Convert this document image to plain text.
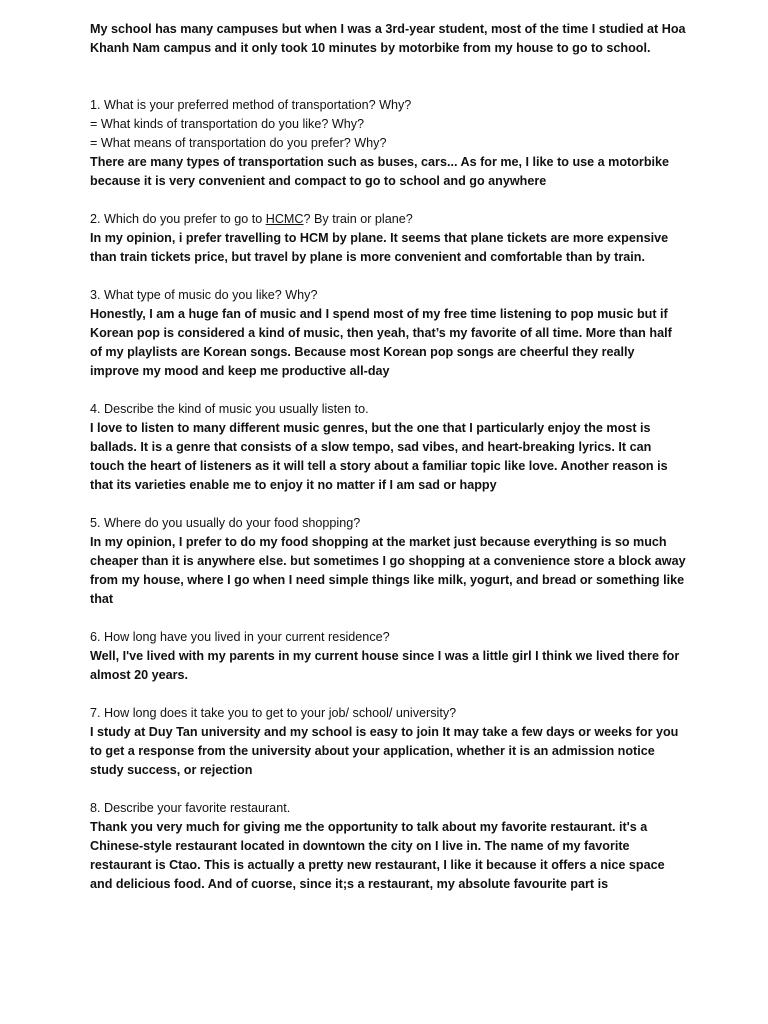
My school has many campuses but when I was a 3rd-year student, most of the time I studied at Hoa Khanh Nam campus and it only took 10 minutes by motorbike from my house to go to school.

1. What is your preferred method of transportation? Why?

= What kinds of transportation do you like? Why?

= What means of transportation do you prefer? Why?

There are many types of transportation such as buses, cars... As for me, I like to use a motorbike because it is very convenient and compact to go to school and go anywhere

2. Which do you prefer to go to HCMC? By train or plane?

In my opinion, i prefer travelling to HCM by plane. It seems that plane tickets are more expensive than train tickets price, but travel by plane is more convenient and comfortable than by train.

3. What type of music do you like? Why?

Honestly, I am a huge fan of music and I spend most of my free time listening to pop music but if Korean pop is considered a kind of music, then yeah, that’s my favorite of all time. More than half of my playlists are Korean songs. Because most Korean pop songs are cheerful they really improve my mood and keep me productive all-day

4. Describe the kind of music you usually listen to.

I love to listen to many different music genres, but the one that I particularly enjoy the most is ballads. It is a genre that consists of a slow tempo, sad vibes, and heart-breaking lyrics. It can touch the heart of listeners as it will tell a story about a familiar topic like love. Another reason is that its varieties enable me to enjoy it no matter if I am sad or happy

5. Where do you usually do your food shopping?

In my opinion, I prefer to do my food shopping at the market just because everything is so much cheaper than it is anywhere else. but sometimes I go shopping at a convenience store a block away from my house, where I go when I need simple things like milk, yogurt, and bread or something like that

6. How long have you lived in your current residence?

Well, I've lived with my parents in my current house since I was a little girl I think we lived there for almost 20 years.

7. How long does it take you to get to your job/ school/ university?

I study at Duy Tan university and my school is easy to join It may take a few days or weeks for you to get a response from the university about your application, whether it is an admission notice study success, or rejection

8. Describe your favorite restaurant.

Thank you very much for giving me the opportunity to talk about my favorite restaurant. it's a Chinese-style restaurant located in downtown the city on I live in. The name of my favorite restaurant is Ctao. This is actually a pretty new restaurant, I like it because it offers a nice space and delicious food. And of cuorse, since it;s a restaurant, my absolute favourite part is
